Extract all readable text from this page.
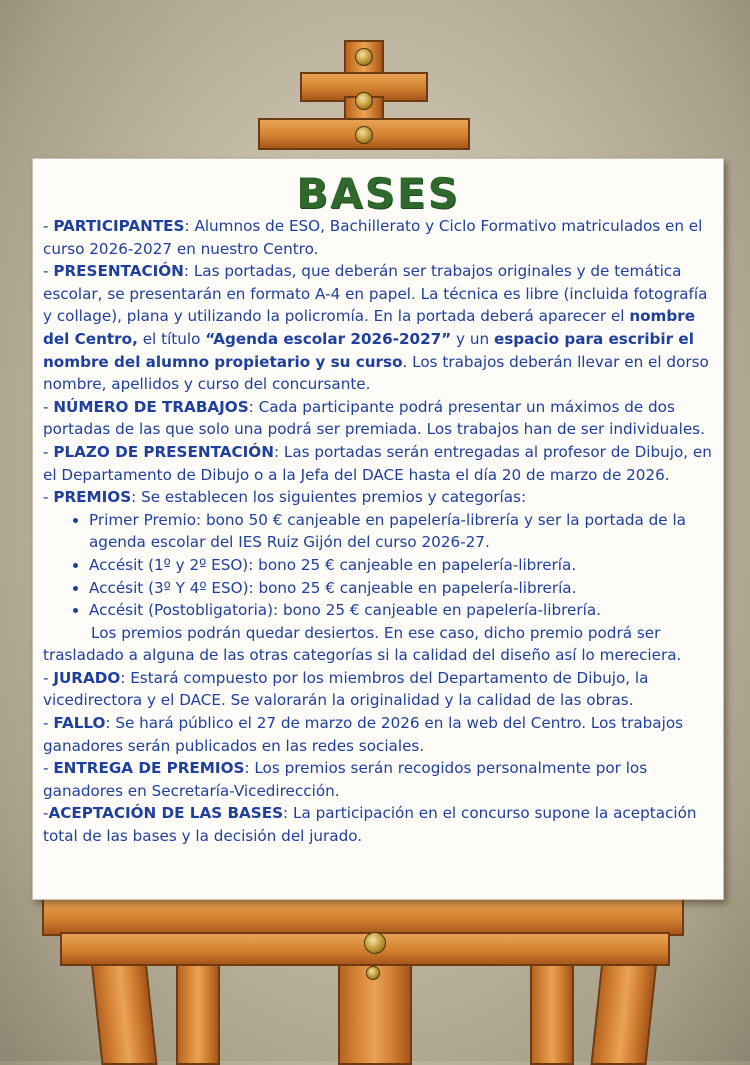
BASES

- PARTICIPANTES: Alumnos de ESO, Bachillerato y Ciclo Formativo matriculados en el curso 2026-2027 en nuestro Centro.

- PRESENTACIÓN: Las portadas, que deberán ser trabajos originales y de temática escolar, se presentarán en formato A-4 en papel. La técnica es libre (incluida fotografía y collage), plana y utilizando la policromía. En la portada deberá aparecer el nombre del Centro, el título “Agenda escolar 2026-2027” y un espacio para escribir el nombre del alumno propietario y su curso. Los trabajos deberán llevar en el dorso nombre, apellidos y curso del concursante.

- NÚMERO DE TRABAJOS: Cada participante podrá presentar un máximos de dos portadas de las que solo una podrá ser premiada. Los trabajos han de ser individuales.

- PLAZO DE PRESENTACIÓN: Las portadas serán entregadas al profesor de Dibujo, en el Departamento de Dibujo o a la Jefa del DACE hasta el día 20 de marzo de 2026.

- PREMIOS: Se establecen los siguientes premios y categorías:

• Primer Premio: bono 50 € canjeable en papelería-librería y ser la portada de la agenda escolar del IES Ruiz Gijón del curso 2026-27.
• Accésit (1º y 2º ESO): bono 25 € canjeable en papelería-librería.
• Accésit (3º Y 4º ESO): bono 25 € canjeable en papelería-librería.
• Accésit (Postobligatoria): bono 25 € canjeable en papelería-librería.

Los premios podrán quedar desiertos. En ese caso, dicho premio podrá ser trasladado a alguna de las otras categorías si la calidad del diseño así lo mereciera.

- JURADO: Estará compuesto por los miembros del Departamento de Dibujo, la vicedirectora y el DACE. Se valorarán la originalidad y la calidad de las obras.

- FALLO: Se hará público el 27 de marzo de 2026 en la web del Centro. Los trabajos ganadores serán publicados en las redes sociales.

- ENTREGA DE PREMIOS: Los premios serán recogidos personalmente por los ganadores en Secretaría-Vicedirección.

-ACEPTACIÓN DE LAS BASES: La participación en el concurso supone la aceptación total de las bases y la decisión del jurado.
